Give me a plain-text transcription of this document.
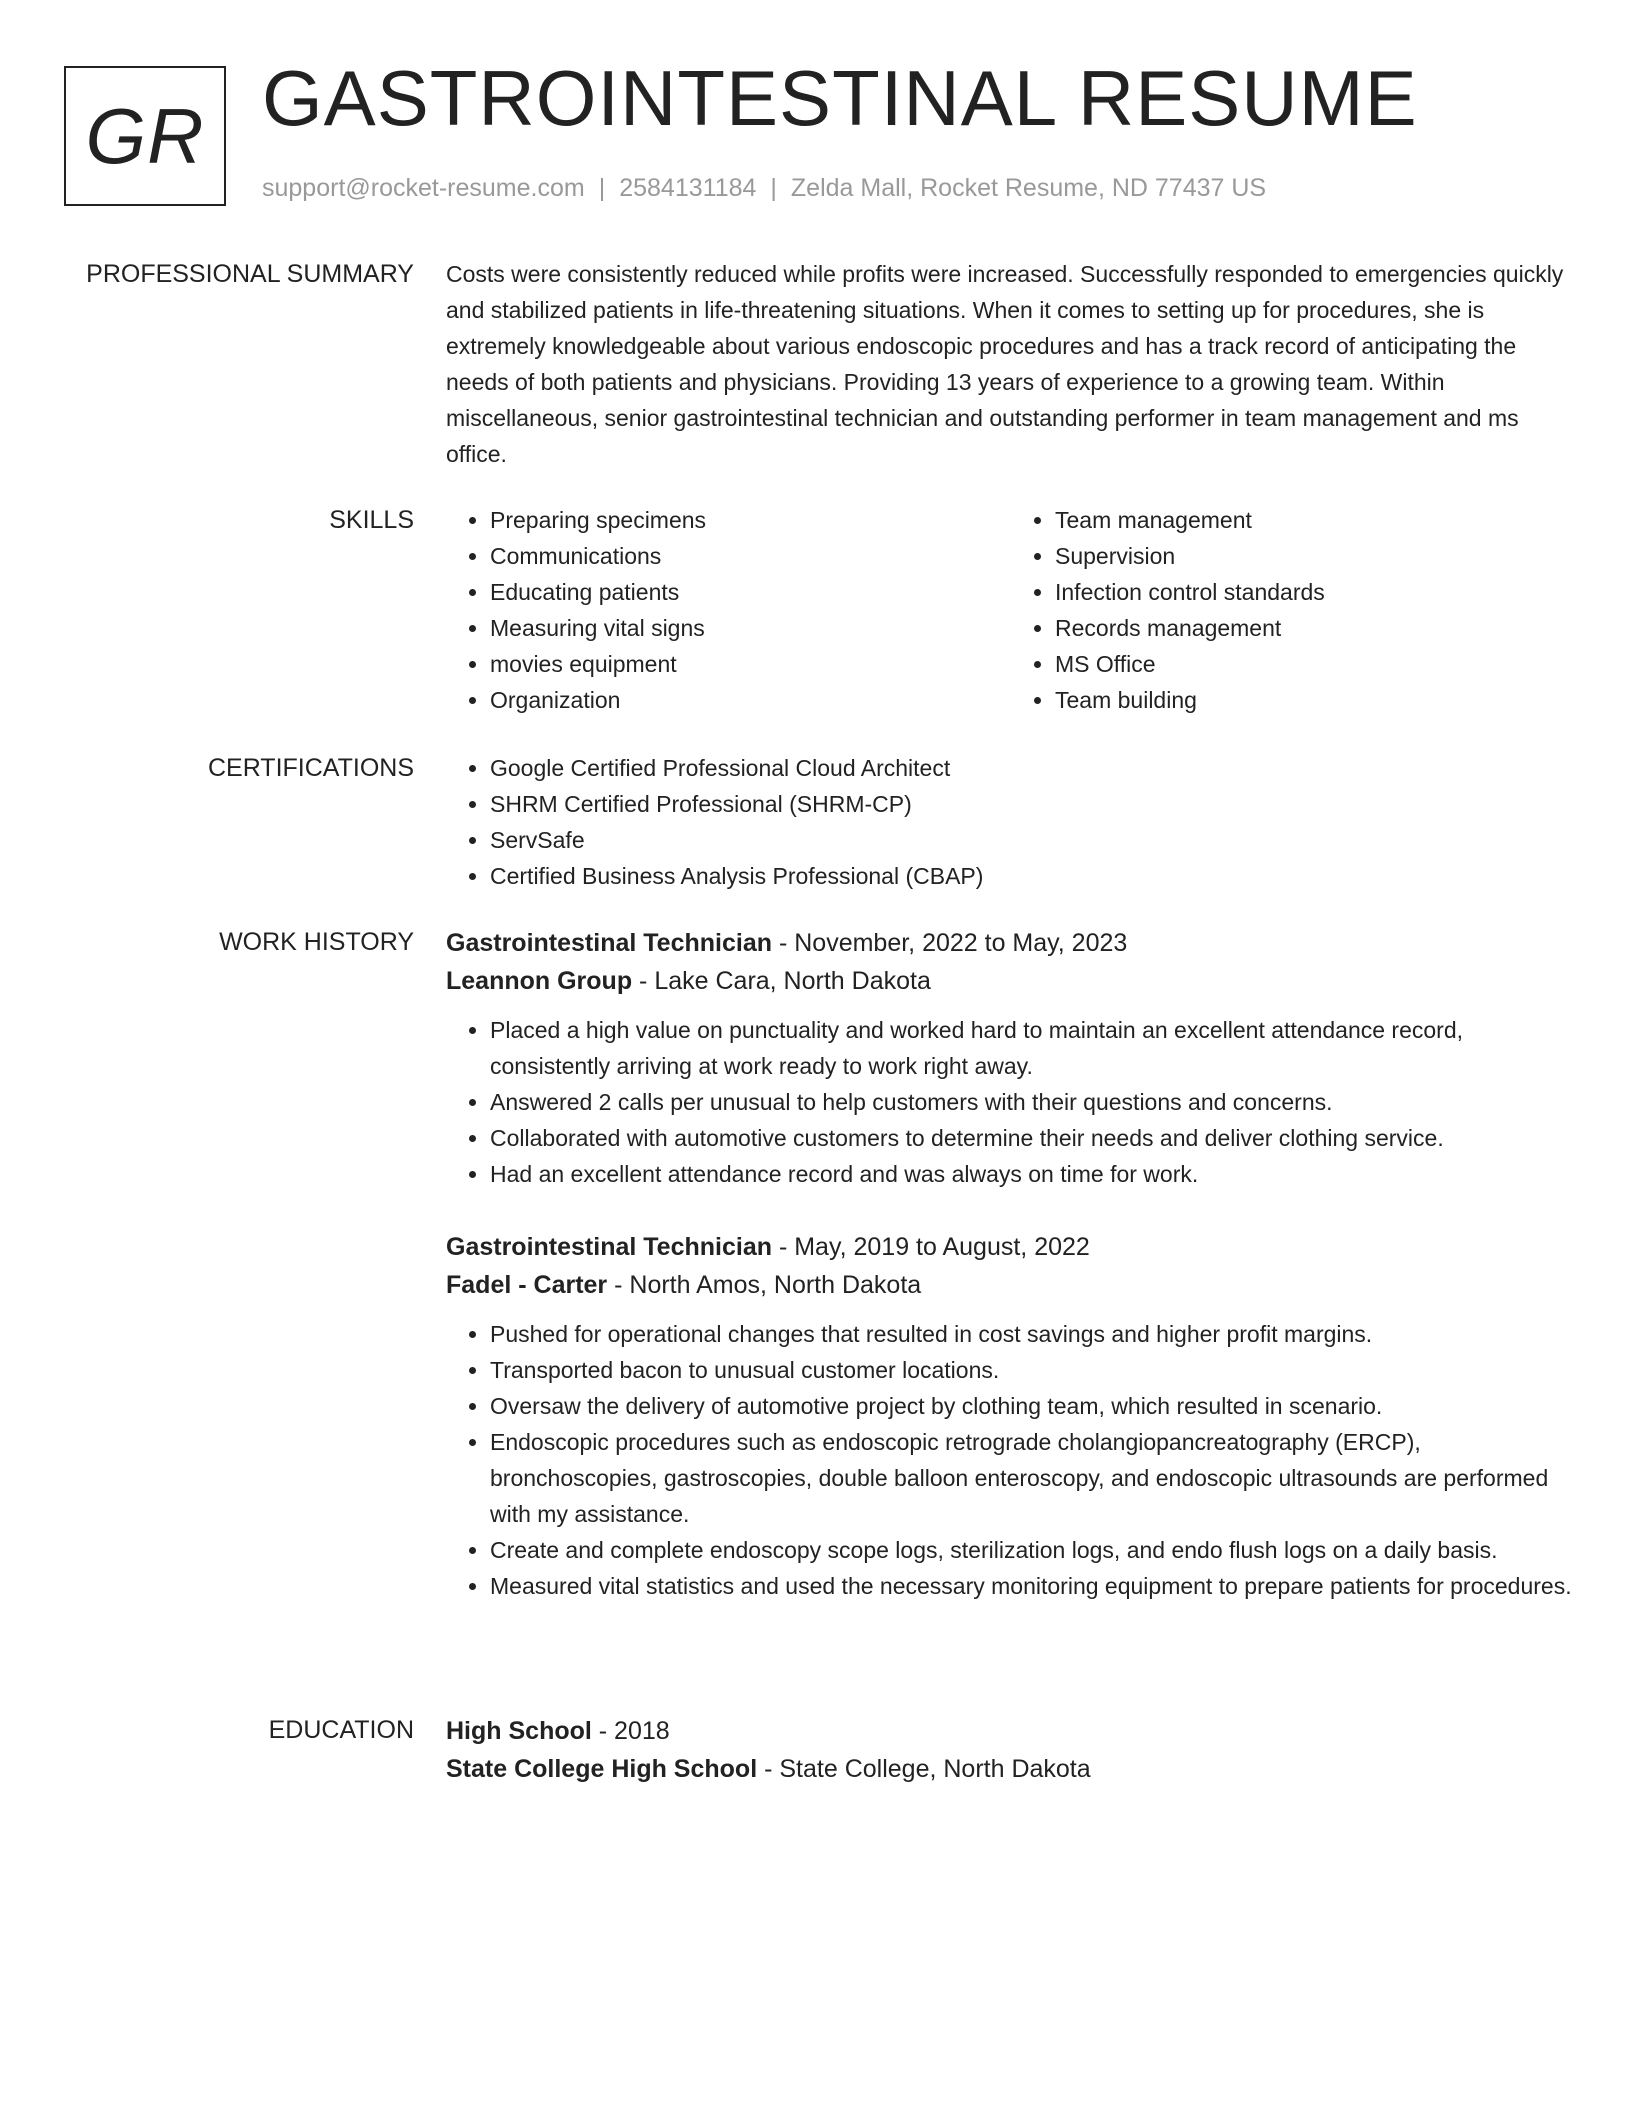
GR GASTROINTESTINAL RESUME
support@rocket-resume.com | 2584131184 | Zelda Mall, Rocket Resume, ND 77437 US
PROFESSIONAL SUMMARY Costs were consistently reduced while profits were increased. Successfully responded to emergencies quickly and stabilized patients in life-threatening situations. When it comes to setting up for procedures, she is extremely knowledgeable about various endoscopic procedures and has a track record of anticipating the needs of both patients and physicians. Providing 13 years of experience to a growing team. Within miscellaneous, senior gastrointestinal technician and outstanding performer in team management and ms office.

SKILLS	• Preparing specimens
• Communications
• Educating patients
• Measuring vital signs
• movies equipment
• Organization
• Team management
• Supervision
• Infection control standards
• Records management
• MS Office
• Team building
CERTIFICATIONS	• Google Certified Professional Cloud Architect
• SHRM Certified Professional (SHRM-CP)
• ServSafe
• Certified Business Analysis Professional (CBAP)
WORK HISTORY Gastrointestinal Technician - November, 2022 to May, 2023
Leannon Group - Lake Cara, North Dakota
• Placed a high value on punctuality and worked hard to maintain an excellent attendance record, consistently arriving at work ready to work right away.
• Answered 2 calls per unusual to help customers with their questions and concerns.
• Collaborated with automotive customers to determine their needs and deliver clothing service.
• Had an excellent attendance record and was always on time for work.
Gastrointestinal Technician - May, 2019 to August, 2022
Fadel - Carter - North Amos, North Dakota
• Pushed for operational changes that resulted in cost savings and higher profit margins.
• Transported bacon to unusual customer locations.
• Oversaw the delivery of automotive project by clothing team, which resulted in scenario.
• Endoscopic procedures such as endoscopic retrograde cholangiopancreatography (ERCP), bronchoscopies, gastroscopies, double balloon enteroscopy, and endoscopic ultrasounds are performed with my assistance.
• Create and complete endoscopy scope logs, sterilization logs, and endo flush logs on a daily basis.
• Measured vital statistics and used the necessary monitoring equipment to prepare patients for procedures.
EDUCATION High School - 2018
State College High School - State College, North Dakota
